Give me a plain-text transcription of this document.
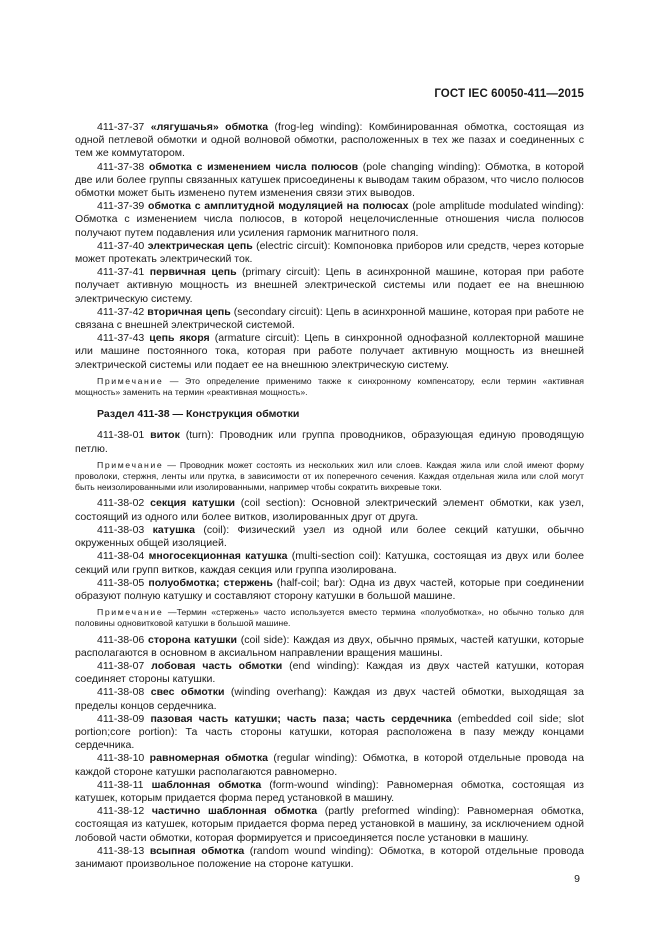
ГОСТ IEC 60050-411—2015

411-37-37 «лягушачья» обмотка (frog-leg winding): Комбинированная обмотка, состоящая из одной петлевой обмотки и одной волновой обмотки, расположенных в тех же пазах и соединенных с тем же коммутатором.

411-37-38 обмотка с изменением числа полюсов (pole changing winding): Обмотка, в которой две или более группы связанных катушек присоединены к выводам таким образом, что число полюсов обмотки может быть изменено путем изменения связи этих выводов.

411-37-39 обмотка с амплитудной модуляцией на полюсах (pole amplitude modulated winding): Обмотка с изменением числа полюсов, в которой нецелочисленные отношения числа полюсов получают путем подавления или усиления гармоник магнитного поля.

411-37-40 электрическая цепь (electric circuit): Компоновка приборов или средств, через которые может протекать электрический ток.

411-37-41 первичная цепь (primary circuit): Цепь в асинхронной машине, которая при работе получает активную мощность из внешней электрической системы или подает ее на внешнюю электрическую систему.

411-37-42 вторичная цепь (secondary circuit): Цепь в асинхронной машине, которая при работе не связана с внешней электрической системой.

411-37-43 цепь якоря (armature circuit): Цепь в синхронной однофазной коллекторной машине или машине постоянного тока, которая при работе получает активную мощность из внешней электрической системы или подает ее на внешнюю электрическую систему.

Примечание — Это определение применимо также к синхронному компенсатору, если термин «активная мощность» заменить на термин «реактивная мощность».

Раздел 411-38 — Конструкция обмотки

411-38-01 виток (turn): Проводник или группа проводников, образующая единую проводящую петлю.

Примечание — Проводник может состоять из нескольких жил или слоев. Каждая жила или слой имеют форму проволоки, стержня, ленты или прутка, в зависимости от их поперечного сечения. Каждая отдельная жила или слой могут быть неизолированными или изолированными, например чтобы сократить вихревые токи.

411-38-02 секция катушки (coil section): Основной электрический элемент обмотки, как узел, состоящий из одного или более витков, изолированных друг от друга.

411-38-03 катушка (coil): Физический узел из одной или более секций катушки, обычно окруженных общей изоляцией.

411-38-04 многосекционная катушка (multi-section coil): Катушка, состоящая из двух или более секций или групп витков, каждая секция или группа изолирована.

411-38-05 полуобмотка; стержень (half-coil; bar): Одна из двух частей, которые при соединении образуют полную катушку и составляют сторону катушки в большой машине.

Примечание —Термин «стержень» часто используется вместо термина «полуобмотка», но обычно только для половины одновитковой катушки в большой машине.

411-38-06 сторона катушки (coil side): Каждая из двух, обычно прямых, частей катушки, которые располагаются в основном в аксиальном направлении вращения машины.

411-38-07 лобовая часть обмотки (end winding): Каждая из двух частей катушки, которая соединяет стороны катушки.

411-38-08 свес обмотки (winding overhang): Каждая из двух частей обмотки, выходящая за пределы концов сердечника.

411-38-09 пазовая часть катушки; часть паза; часть сердечника (embedded coil side; slot portion;core portion): Та часть стороны катушки, которая расположена в пазу между концами сердечника.

411-38-10 равномерная обмотка (regular winding): Обмотка, в которой отдельные провода на каждой стороне катушки располагаются равномерно.

411-38-11 шаблонная обмотка (form-wound winding): Равномерная обмотка, состоящая из катушек, которым придается форма перед установкой в машину.

411-38-12 частично шаблонная обмотка (partly preformed winding): Равномерная обмотка, состоящая из катушек, которым придается форма перед установкой в машину, за исключением одной лобовой части обмотки, которая формируется и присоединяется после установки в машину.

411-38-13 всыпная обмотка (random wound winding): Обмотка, в которой отдельные провода занимают произвольное положение на стороне катушки.

9
